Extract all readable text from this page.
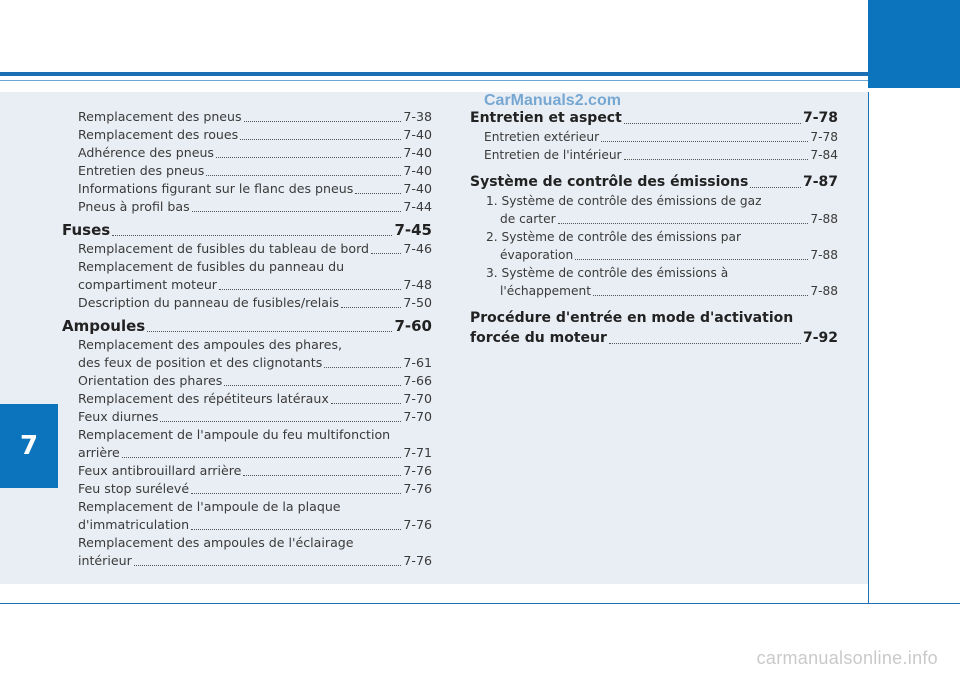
7
CarManuals2.com
Remplacement des pneus	7-38
Remplacement des roues	7-40
Adhérence des pneus	7-40
Entretien des pneus	7-40
Informations figurant sur le flanc des pneus	7-40
Pneus à profil bas	7-44
Fuses	7-45
Remplacement de fusibles du tableau de bord	7-46
Remplacement de fusibles du panneau du
compartiment moteur	7-48
Description du panneau de fusibles/relais	7-50
Ampoules	7-60
Remplacement des ampoules des phares,
des feux de position et des clignotants	7-61
Orientation des phares	7-66
Remplacement des répétiteurs latéraux	7-70
Feux diurnes	7-70
Remplacement de l'ampoule du feu multifonction
arrière	7-71
Feux antibrouillard arrière	7-76
Feu stop surélevé	7-76
Remplacement de l'ampoule de la plaque
d'immatriculation	7-76
Remplacement des ampoules de l'éclairage
intérieur	7-76
Entretien et aspect	7-78
Entretien extérieur	7-78
Entretien de l'intérieur	7-84
Système de contrôle des émissions	7-87
1. Système de contrôle des émissions de gaz
de carter	7-88
2. Système de contrôle des émissions par
évaporation	7-88
3. Système de contrôle des émissions à
l'échappement	7-88
Procédure d'entrée en mode d'activation
forcée du moteur	7-92
carmanualsonline.info
